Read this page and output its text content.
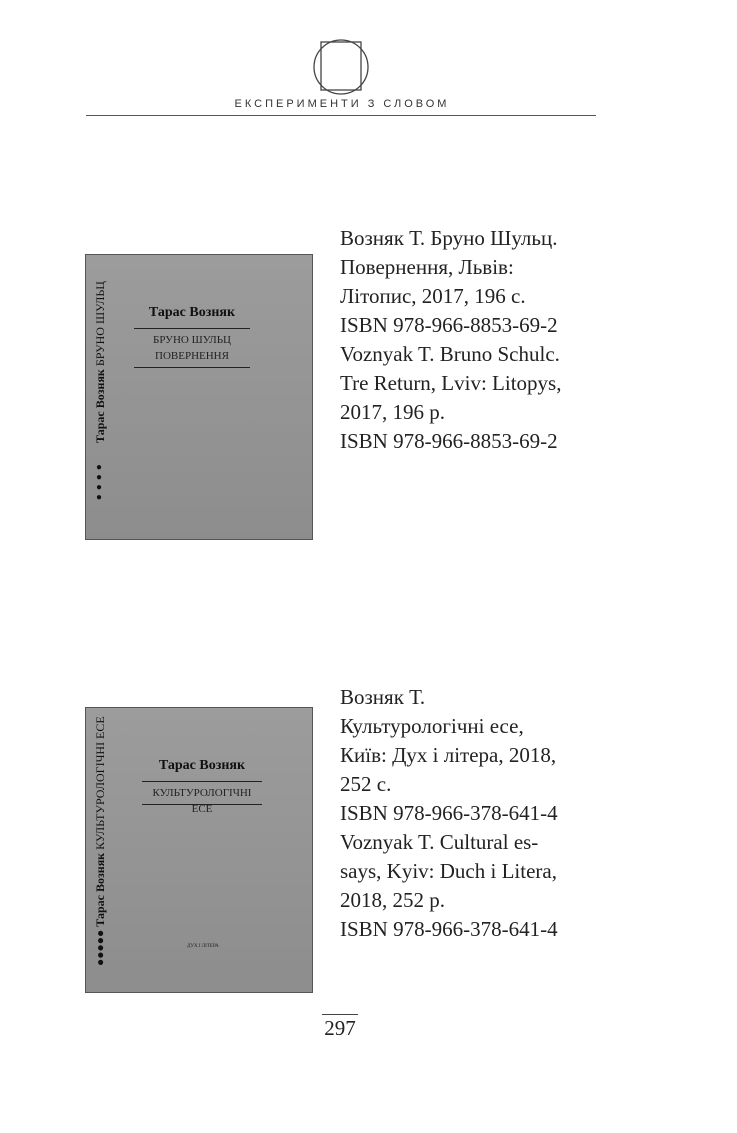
ЕКСПЕРИМЕНТИ З СЛОВОМ
Тарас Возняк БРУНО ШУЛЬЦ
●●●●
Тарас Возняк
БРУНО ШУЛЬЦ
ПОВЕРНЕННЯ
Возняк Т. Бруно Шульц.
Повернення, Львів:
Літопис, 2017, 196 с.
ISBN 978-966-8853-69-2
Voznyak T. Bruno Schulc.
Tre Return, Lviv: Litopys,
2017, 196 p.
ISBN 978-966-8853-69-2
●●●●● Тарас Возняк КУЛЬТУРОЛОГІЧНІ ЕСЕ	Тарас Возняк
КУЛЬТУРОЛОГІЧНІ ЕСЕ
ДУХ І ЛІТЕРА
Возняк Т.
Культурологічні есе,
Київ: Дух і літера, 2018,
252 с.
ISBN 978-966-378-641-4
Voznyak T. Cultural es-
says, Kyiv: Duch i Litera,
2018, 252 p.
ISBN 978-966-378-641-4
297
